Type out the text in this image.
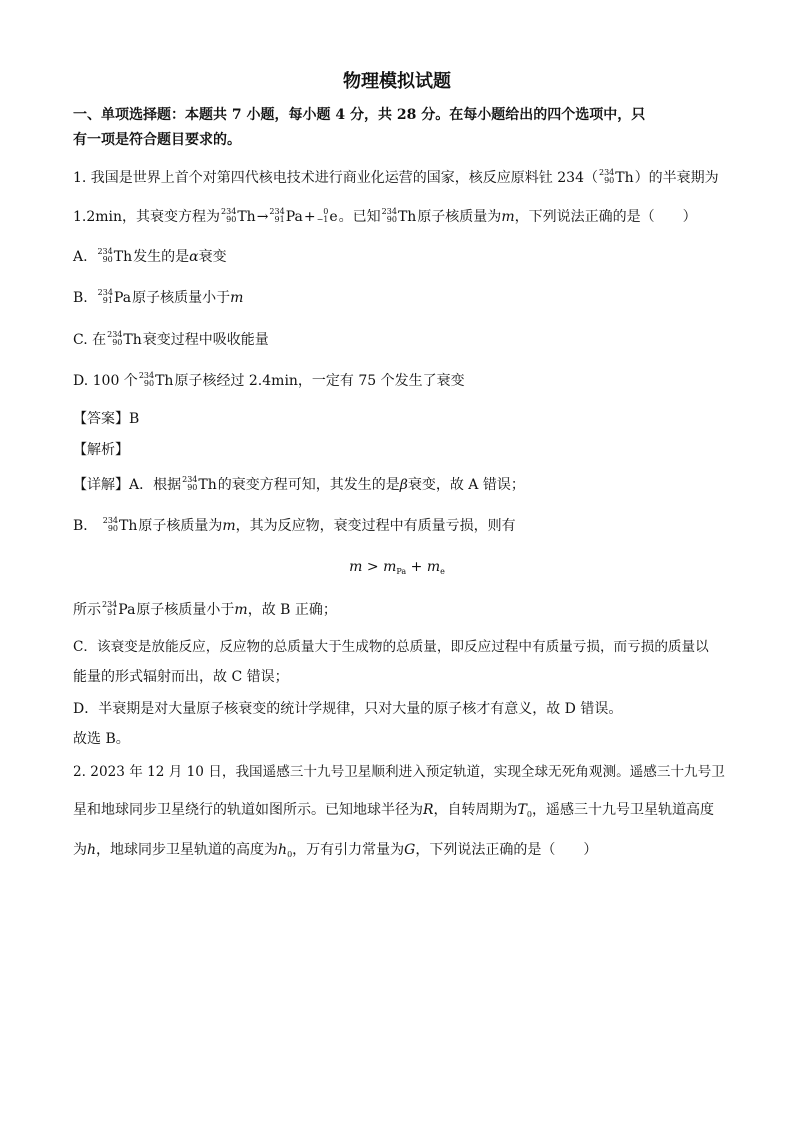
物理模拟试题
一、单项选择题：本题共 7 小题，每小题 4 分，共 28 分。在每小题给出的四个选项中，只
有一项是符合题目要求的。
1. 我国是世界上首个对第四代核电技术进行商业化运营的国家，核反应原料钍 234（ 234
90 Th）的半衰期为
1.2min，其衰变方程为 234
90 Th→ 234
91 Pa+ 0
−1 e。已知 234
90 Th原子核质量为m，下列说法正确的是（　　）
A. 234
90 Th发生的是α衰变
B. 234
91 Pa原子核质量小于m
C. 在 234
90 Th衰变过程中吸收能量
D. 100 个 234
90 Th原子核经过 2.4min，一定有 75 个发生了衰变
【答案】B
【解析】
【详解】A．根据 234
90 Th的衰变方程可知，其发生的是β衰变，故 A 错误；
B． 234
90 Th原子核质量为m，其为反应物，衰变过程中有质量亏损，则有
$m > m_{Pa} + m_e$
所示 234
91 Pa原子核质量小于m，故 B 正确；
C．该衰变是放能反应，反应物的总质量大于生成物的总质量，即反应过程中有质量亏损，而亏损的质量以
能量的形式辐射而出，故 C 错误；
D．半衰期是对大量原子核衰变的统计学规律，只对大量的原子核才有意义，故 D 错误。
故选 B。
2. 2023 年 12 月 10 日，我国遥感三十九号卫星顺利进入预定轨道，实现全球无死角观测。遥感三十九号卫
星和地球同步卫星绕行的轨道如图所示。已知地球半径为R，自转周期为$T_0$，遥感三十九号卫星轨道高度
为h，地球同步卫星轨道的高度为$h_0$，万有引力常量为G，下列说法正确的是（　　）
